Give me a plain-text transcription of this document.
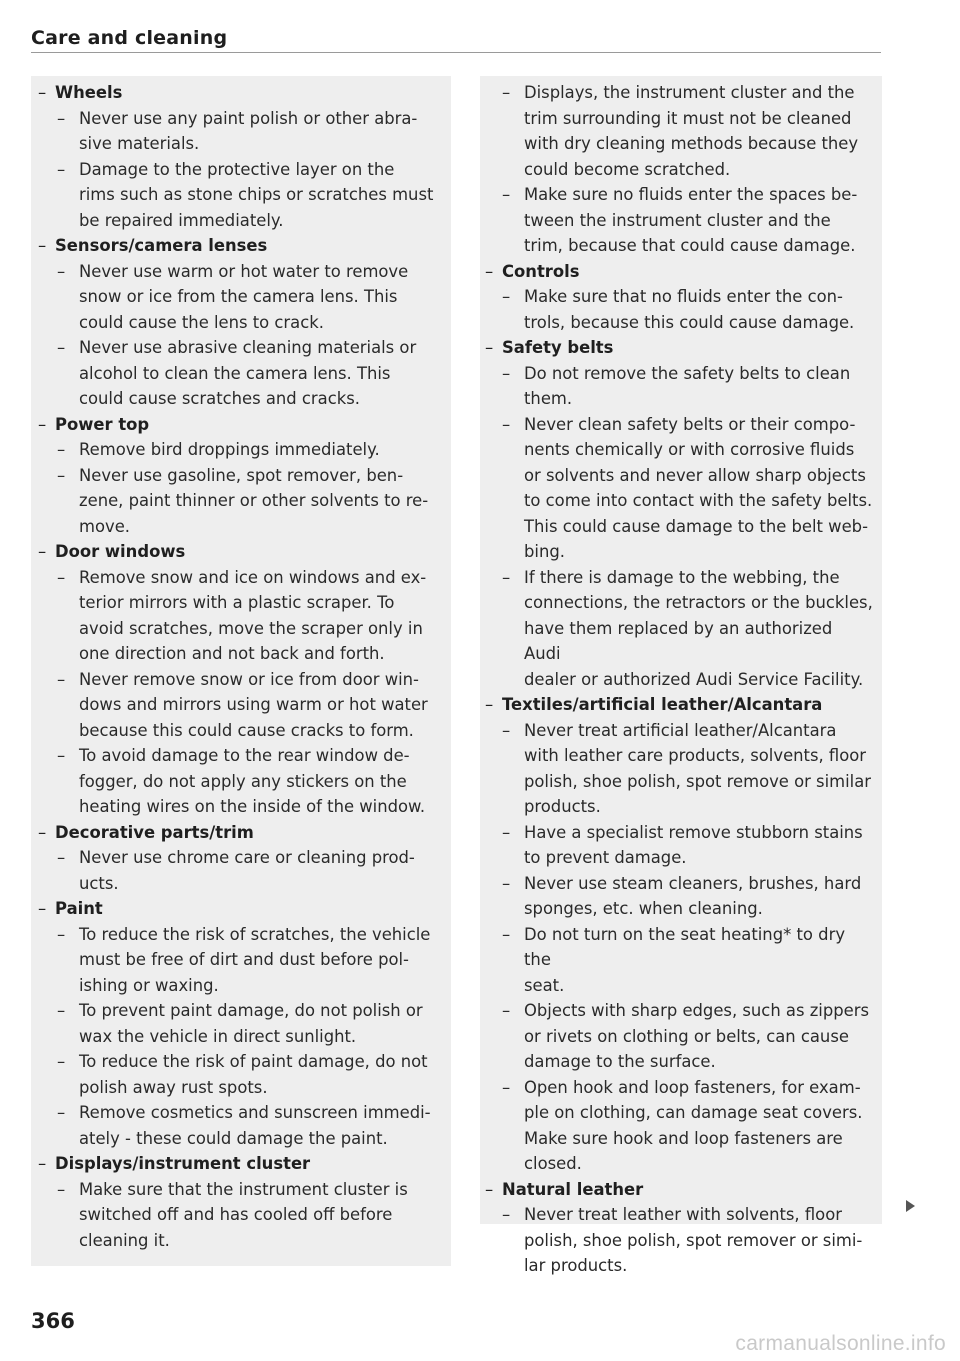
Care and cleaning
– Wheels
– Never use any paint polish or other abra-
sive materials.
– Damage to the protective layer on the
rims such as stone chips or scratches must
be repaired immediately.
– Sensors/camera lenses
– Never use warm or hot water to remove
snow or ice from the camera lens. This
could cause the lens to crack.
– Never use abrasive cleaning materials or
alcohol to clean the camera lens. This
could cause scratches and cracks.
– Power top
– Remove bird droppings immediately.
– Never use gasoline, spot remover, ben-
zene, paint thinner or other solvents to re-
move.
– Door windows
– Remove snow and ice on windows and ex-
terior mirrors with a plastic scraper. To
avoid scratches, move the scraper only in
one direction and not back and forth.
– Never remove snow or ice from door win-
dows and mirrors using warm or hot water
because this could cause cracks to form.
– To avoid damage to the rear window de-
fogger, do not apply any stickers on the
heating wires on the inside of the window.
– Decorative parts/trim
– Never use chrome care or cleaning prod-
ucts.
– Paint
– To reduce the risk of scratches, the vehicle
must be free of dirt and dust before pol-
ishing or waxing.
– To prevent paint damage, do not polish or
wax the vehicle in direct sunlight.
– To reduce the risk of paint damage, do not
polish away rust spots.
– Remove cosmetics and sunscreen immedi-
ately - these could damage the paint.
– Displays/instrument cluster
– Make sure that the instrument cluster is
switched off and has cooled off before
cleaning it.
– Displays, the instrument cluster and the
trim surrounding it must not be cleaned
with dry cleaning methods because they
could become scratched.
– Make sure no fluids enter the spaces be-
tween the instrument cluster and the
trim, because that could cause damage.
– Controls
– Make sure that no fluids enter the con-
trols, because this could cause damage.
– Safety belts
– Do not remove the safety belts to clean
them.
– Never clean safety belts or their compo-
nents chemically or with corrosive fluids
or solvents and never allow sharp objects
to come into contact with the safety belts.
This could cause damage to the belt web-
bing.
– If there is damage to the webbing, the
connections, the retractors or the buckles,
have them replaced by an authorized Audi
dealer or authorized Audi Service Facility.
– Textiles/artificial leather/Alcantara
– Never treat artificial leather/Alcantara
with leather care products, solvents, floor
polish, shoe polish, spot remove or similar
products.
– Have a specialist remove stubborn stains
to prevent damage.
– Never use steam cleaners, brushes, hard
sponges, etc. when cleaning.
– Do not turn on the seat heating* to dry the
seat.
– Objects with sharp edges, such as zippers
or rivets on clothing or belts, can cause
damage to the surface.
– Open hook and loop fasteners, for exam-
ple on clothing, can damage seat covers.
Make sure hook and loop fasteners are
closed.
– Natural leather
– Never treat leather with solvents, floor
polish, shoe polish, spot remover or simi-
lar products.
366
carmanualsonline.info
